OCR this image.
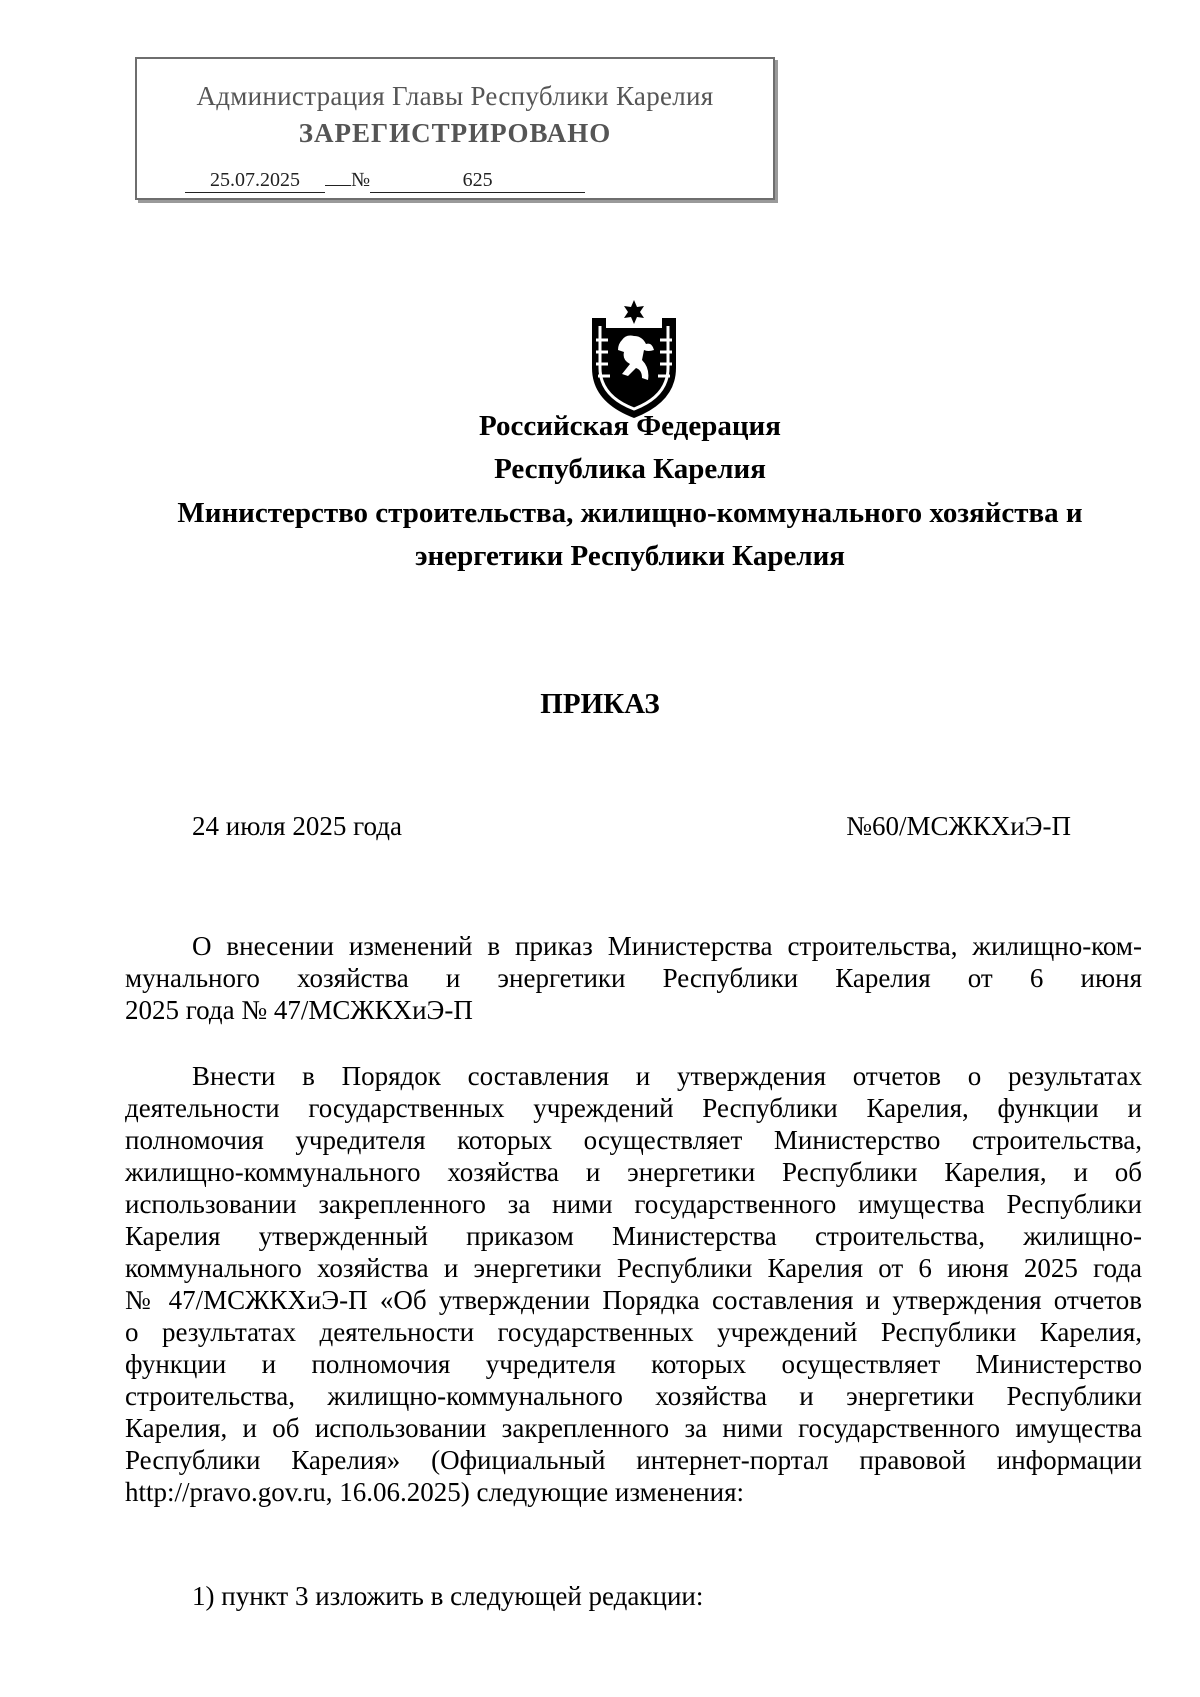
Администрация Главы Республики Карелия
ЗАРЕГИСТРИРОВАНО
25.07.2025	№	625
Российская Федерация
Республика Карелия
Министерство строительства, жилищно-коммунального хозяйства и
энергетики Республики Карелия
ПРИКАЗ
24 июля 2025 года	№60/МСЖКХиЭ-П
О внесении изменений в приказ Министерства строительства, жилищно-ком-
мунального хозяйства и энергетики Республики Карелия от 6 июня
2025 года № 47/МСЖКХиЭ-П
Внести в Порядок составления и утверждения отчетов о результатах
деятельности государственных учреждений Республики Карелия, функции и
полномочия учредителя которых осуществляет Министерство строительства,
жилищно-коммунального хозяйства и энергетики Республики Карелия, и об
использовании закрепленного за ними государственного имущества Республики
Карелия утвержденный приказом Министерства строительства, жилищно-
коммунального хозяйства и энергетики Республики Карелия от 6 июня 2025 года
№ 47/МСЖКХиЭ-П «Об утверждении Порядка составления и утверждения отчетов
о результатах деятельности государственных учреждений Республики Карелия,
функции и полномочия учредителя которых осуществляет Министерство
строительства, жилищно-коммунального хозяйства и энергетики Республики
Карелия, и об использовании закрепленного за ними государственного имущества
Республики Карелия» (Официальный интернет-портал правовой информации
http://pravo.gov.ru, 16.06.2025) следующие изменения:
1) пункт 3 изложить в следующей редакции:
